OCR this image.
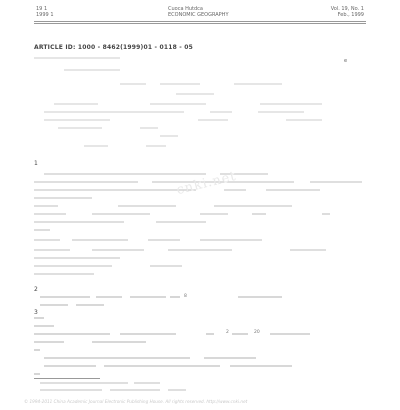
19 1
1999 1
Cuoca Hutdca
ECONOMIC GEOGRAPHY
Vol. 19, No. 1
Feb., 1999
ARTICLE ID: 1000 - 8462(1999)01 - 0118 - 05
e
1
2
3
20
2
8
cnki.net
© 1994-2011 China Academic Journal Electronic Publishing House. All rights reserved. http://www.cnki.net
